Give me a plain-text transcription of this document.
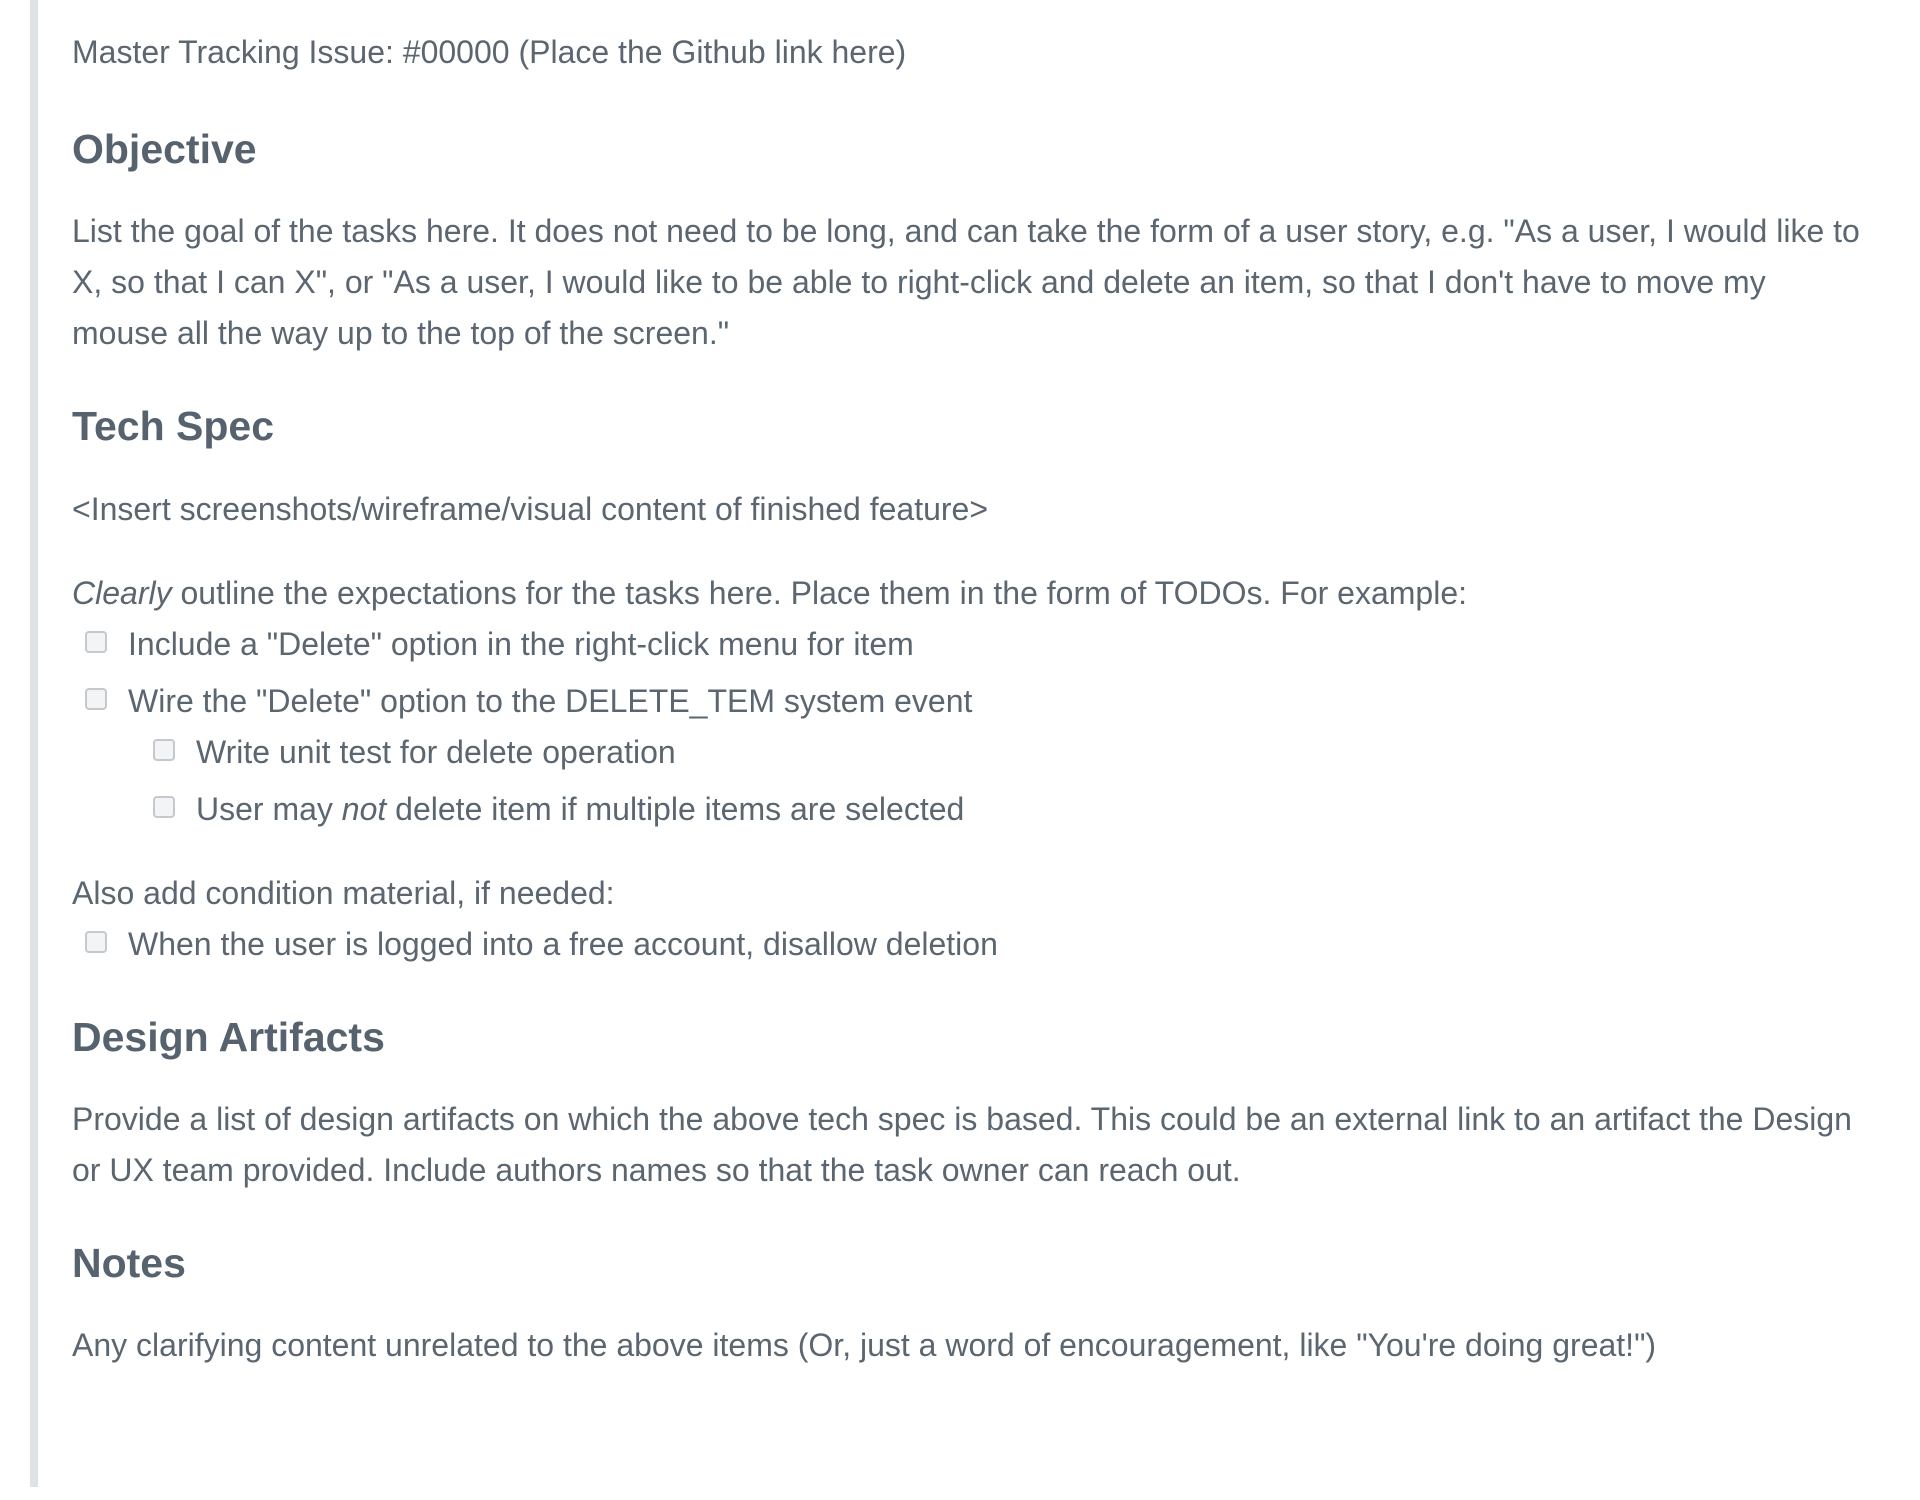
Master Tracking Issue: #00000 (Place the Github link here)

Objective

List the goal of the tasks here. It does not need to be long, and can take the form of a user story, e.g. "As a user, I would like to X, so that I can X", or "As a user, I would like to be able to right-click and delete an item, so that I don't have to move my mouse all the way up to the top of the screen."

Tech Spec

<Insert screenshots/wireframe/visual content of finished feature>

Clearly outline the expectations for the tasks here. Place them in the form of TODOs. For example:

Include a "Delete" option in the right-click menu for item
Wire the "Delete" option to the DELETE_TEM system event
Write unit test for delete operation
User may not delete item if multiple items are selected

Also add condition material, if needed:

When the user is logged into a free account, disallow deletion
Design Artifacts

Provide a list of design artifacts on which the above tech spec is based. This could be an external link to an artifact the Design or UX team provided. Include authors names so that the task owner can reach out.

Notes

Any clarifying content unrelated to the above items (Or, just a word of encouragement, like "You're doing great!")
